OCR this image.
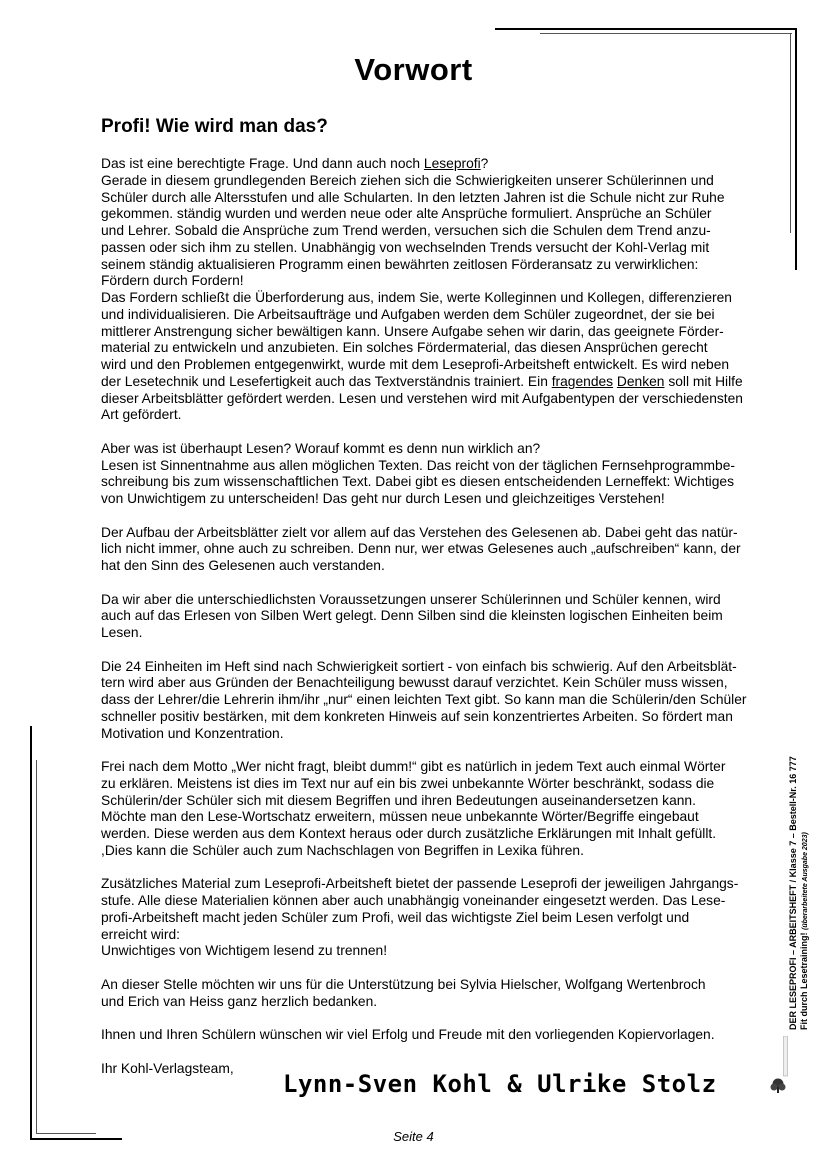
Vorwort
Profi! Wie wird man das?
Das ist eine berechtigte Frage. Und dann auch noch Leseprofi?
Gerade in diesem grundlegenden Bereich ziehen sich die Schwierigkeiten unserer Schülerinnen und
Schüler durch alle Altersstufen und alle Schularten. In den letzten Jahren ist die Schule nicht zur Ruhe
gekommen. ständig wurden und werden neue oder alte Ansprüche formuliert. Ansprüche an Schüler
und Lehrer. Sobald die Ansprüche zum Trend werden, versuchen sich die Schulen dem Trend anzu-
passen oder sich ihm zu stellen. Unabhängig von wechselnden Trends versucht der Kohl-Verlag mit
seinem ständig aktualisieren Programm einen bewährten zeitlosen Förderansatz zu verwirklichen:
Fördern durch Fordern!
Das Fordern schließt die Überforderung aus, indem Sie, werte Kolleginnen und Kollegen, differenzieren
und individualisieren. Die Arbeitsaufträge und Aufgaben werden dem Schüler zugeordnet, der sie bei
mittlerer Anstrengung sicher bewältigen kann. Unsere Aufgabe sehen wir darin, das geeignete Förder-
material zu entwickeln und anzubieten. Ein solches Fördermaterial, das diesen Ansprüchen gerecht
wird und den Problemen entgegenwirkt, wurde mit dem Leseprofi-Arbeitsheft entwickelt. Es wird neben
der Lesetechnik und Lesefertigkeit auch das Textverständnis trainiert. Ein fragendes Denken soll mit Hilfe
dieser Arbeitsblätter gefördert werden. Lesen und verstehen wird mit Aufgabentypen der verschiedensten
Art gefördert.
Aber was ist überhaupt Lesen? Worauf kommt es denn nun wirklich an?
Lesen ist Sinnentnahme aus allen möglichen Texten. Das reicht von der täglichen Fernsehprogrammbe-
schreibung bis zum wissenschaftlichen Text. Dabei gibt es diesen entscheidenden Lerneffekt: Wichtiges
von Unwichtigem zu unterscheiden! Das geht nur durch Lesen und gleichzeitiges Verstehen!
Der Aufbau der Arbeitsblätter zielt vor allem auf das Verstehen des Gelesenen ab. Dabei geht das natür-
lich nicht immer, ohne auch zu schreiben. Denn nur, wer etwas Gelesenes auch „aufschreiben“ kann, der
hat den Sinn des Gelesenen auch verstanden.
Da wir aber die unterschiedlichsten Voraussetzungen unserer Schülerinnen und Schüler kennen, wird
auch auf das Erlesen von Silben Wert gelegt. Denn Silben sind die kleinsten logischen Einheiten beim
Lesen.
Die 24 Einheiten im Heft sind nach Schwierigkeit sortiert - von einfach bis schwierig. Auf den Arbeitsblät-
tern wird aber aus Gründen der Benachteiligung bewusst darauf verzichtet. Kein Schüler muss wissen,
dass der Lehrer/die Lehrerin ihm/ihr „nur“ einen leichten Text gibt. So kann man die Schülerin/den Schüler
schneller positiv bestärken, mit dem konkreten Hinweis auf sein konzentriertes Arbeiten. So fördert man
Motivation und Konzentration.
Frei nach dem Motto „Wer nicht fragt, bleibt dumm!“ gibt es natürlich in jedem Text auch einmal Wörter
zu erklären. Meistens ist dies im Text nur auf ein bis zwei unbekannte Wörter beschränkt, sodass die
Schülerin/der Schüler sich mit diesem Begriffen und ihren Bedeutungen auseinandersetzen kann.
Möchte man den Lese-Wortschatz erweitern, müssen neue unbekannte Wörter/Begriffe eingebaut
werden. Diese werden aus dem Kontext heraus oder durch zusätzliche Erklärungen mit Inhalt gefüllt.
,Dies kann die Schüler auch zum Nachschlagen von Begriffen in Lexika führen.
Zusätzliches Material zum Leseprofi-Arbeitsheft bietet der passende Leseprofi der jeweiligen Jahrgangs-
stufe. Alle diese Materialien können aber auch unabhängig voneinander eingesetzt werden. Das Lese-
profi-Arbeitsheft macht jeden Schüler zum Profi, weil das wichtigste Ziel beim Lesen verfolgt und
erreicht wird:
Unwichtiges von Wichtigem lesend zu trennen!
An dieser Stelle möchten wir uns für die Unterstützung bei Sylvia Hielscher, Wolfgang Wertenbroch
und Erich van Heiss ganz herzlich bedanken.
Ihnen und Ihren Schülern wünschen wir viel Erfolg und Freude mit den vorliegenden Kopiervorlagen.
Ihr Kohl-Verlagsteam,
Lynn-Sven Kohl & Ulrike Stolz
Seite 4
DER LESEPROFI – ARBEITSHEFT / Klasse 7 – Bestell-Nr. 16 777 Fit durch Lesetraining! (überarbeitete Ausgabe 2023)
